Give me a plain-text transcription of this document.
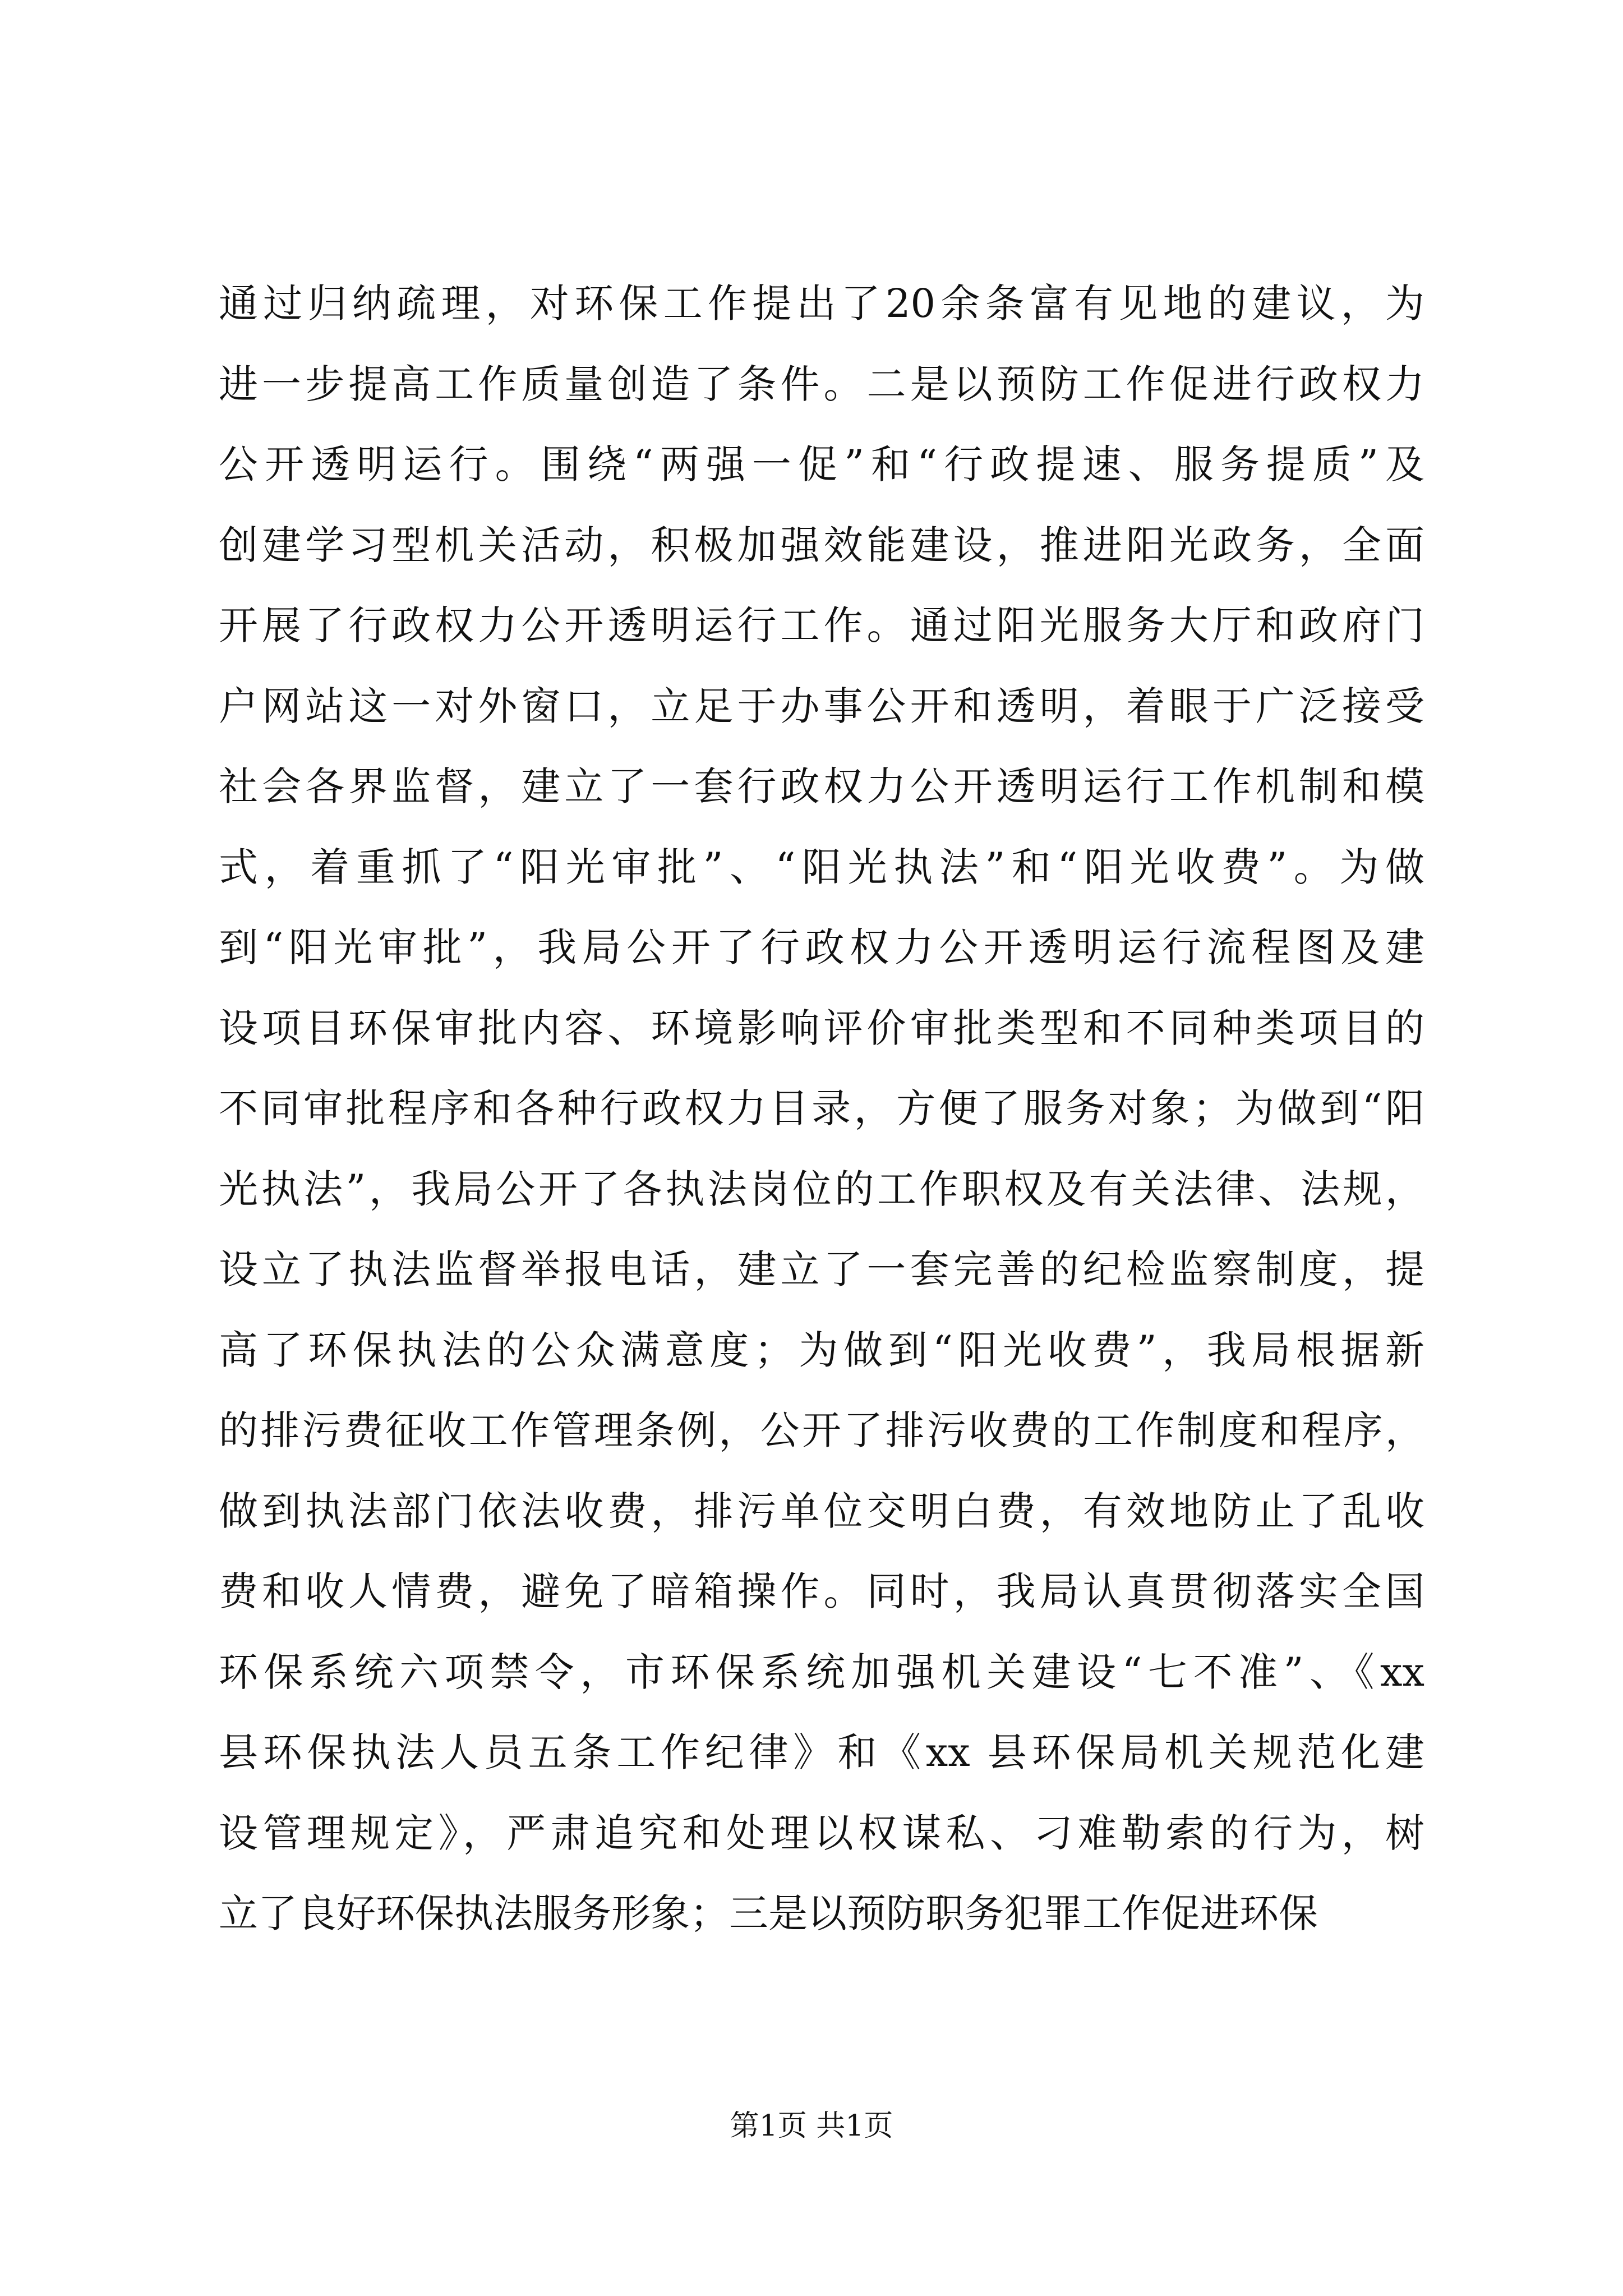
通过归纳疏理，对环保工作提出了20余条富有见地的建议，为
进一步提高工作质量创造了条件。二是以预防工作促进行政权力
公开透明运行。围绕“两强一促”和“行政提速、服务提质”及
创建学习型机关活动，积极加强效能建设，推进阳光政务，全面
开展了行政权力公开透明运行工作。通过阳光服务大厅和政府门
户网站这一对外窗口，立足于办事公开和透明，着眼于广泛接受
社会各界监督，建立了一套行政权力公开透明运行工作机制和模
式，着重抓了“阳光审批”、“阳光执法”和“阳光收费”。为做
到“阳光审批”，我局公开了行政权力公开透明运行流程图及建
设项目环保审批内容、环境影响评价审批类型和不同种类项目的
不同审批程序和各种行政权力目录，方便了服务对象；为做到“阳
光执法”，我局公开了各执法岗位的工作职权及有关法律、法规，
设立了执法监督举报电话，建立了一套完善的纪检监察制度，提
高了环保执法的公众满意度；为做到“阳光收费”，我局根据新
的排污费征收工作管理条例，公开了排污收费的工作制度和程序，
做到执法部门依法收费，排污单位交明白费，有效地防止了乱收
费和收人情费，避免了暗箱操作。同时，我局认真贯彻落实全国
环保系统六项禁令，市环保系统加强机关建设“七不准”、《xx
县环保执法人员五条工作纪律》和《xx 县环保局机关规范化建
设管理规定》，严肃追究和处理以权谋私、刁难勒索的行为，树
立了良好环保执法服务形象；三是以预防职务犯罪工作促进环保
第1页 共1页
